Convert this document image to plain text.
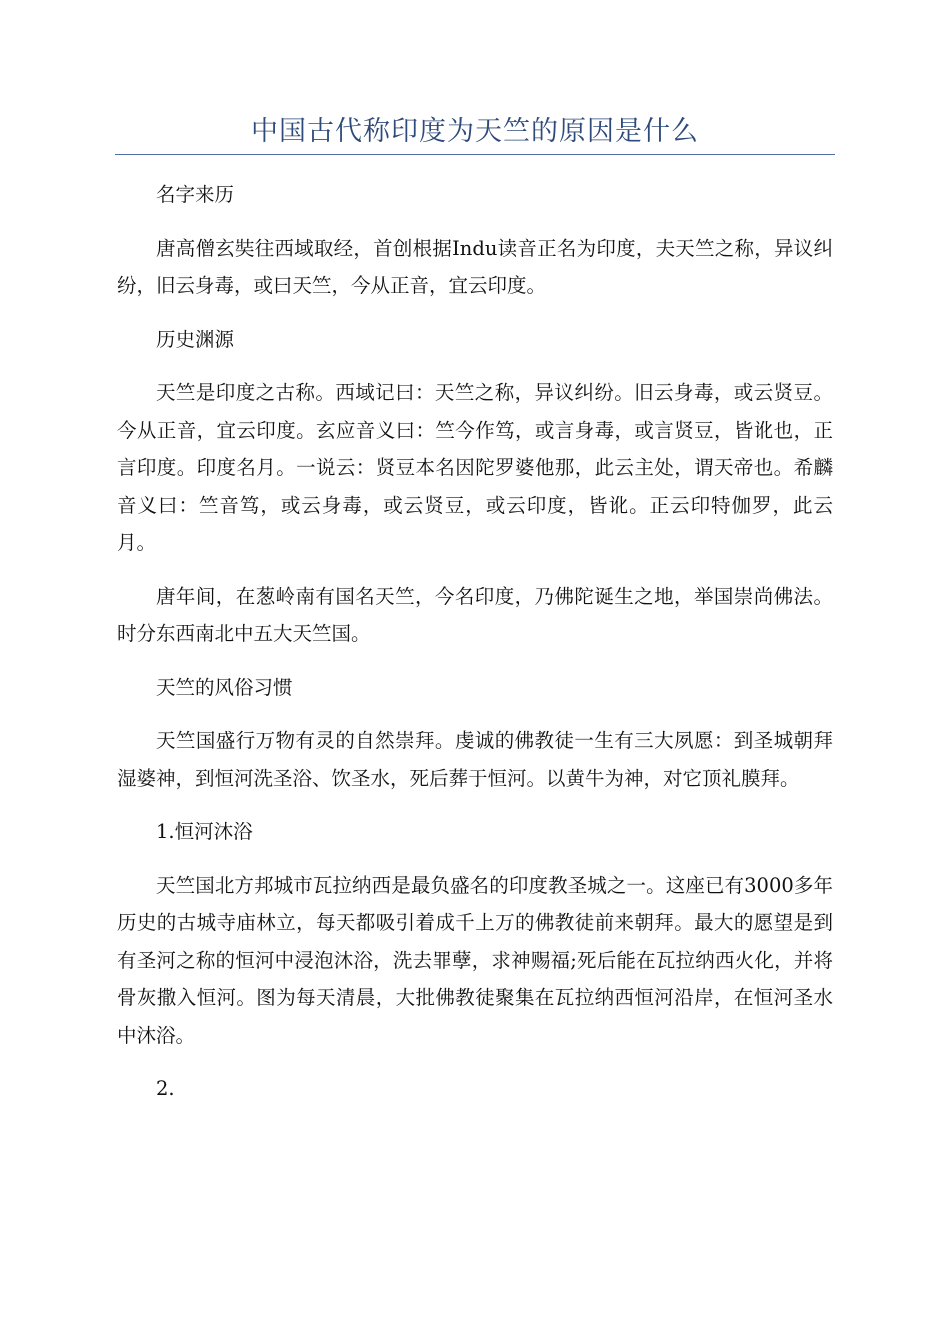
中国古代称印度为天竺的原因是什么

名字来历

唐高僧玄奘往西域取经，首创根据Indu读音正名为印度，夫天竺之称，异议纠纷，旧云身毒，或曰天竺，今从正音，宜云印度。

历史渊源

天竺是印度之古称。西域记曰：天竺之称，异议纠纷。旧云身毒，或云贤豆。今从正音，宜云印度。玄应音义曰：竺今作笃，或言身毒，或言贤豆，皆讹也，正言印度。印度名月。一说云：贤豆本名因陀罗婆他那，此云主处，谓天帝也。希麟音义曰：竺音笃，或云身毒，或云贤豆，或云印度，皆讹。正云印特伽罗，此云月。

唐年间，在葱岭南有国名天竺，今名印度，乃佛陀诞生之地，举国崇尚佛法。时分东西南北中五大天竺国。

天竺的风俗习惯

天竺国盛行万物有灵的自然崇拜。虔诚的佛教徒一生有三大夙愿：到圣城朝拜湿婆神，到恒河洗圣浴、饮圣水，死后葬于恒河。以黄牛为神，对它顶礼膜拜。

1.恒河沐浴

天竺国北方邦城市瓦拉纳西是最负盛名的印度教圣城之一。这座已有3000多年历史的古城寺庙林立，每天都吸引着成千上万的佛教徒前来朝拜。最大的愿望是到有圣河之称的恒河中浸泡沐浴，洗去罪孽，求神赐福;死后能在瓦拉纳西火化，并将骨灰撒入恒河。图为每天清晨，大批佛教徒聚集在瓦拉纳西恒河沿岸，在恒河圣水中沐浴。

2.
